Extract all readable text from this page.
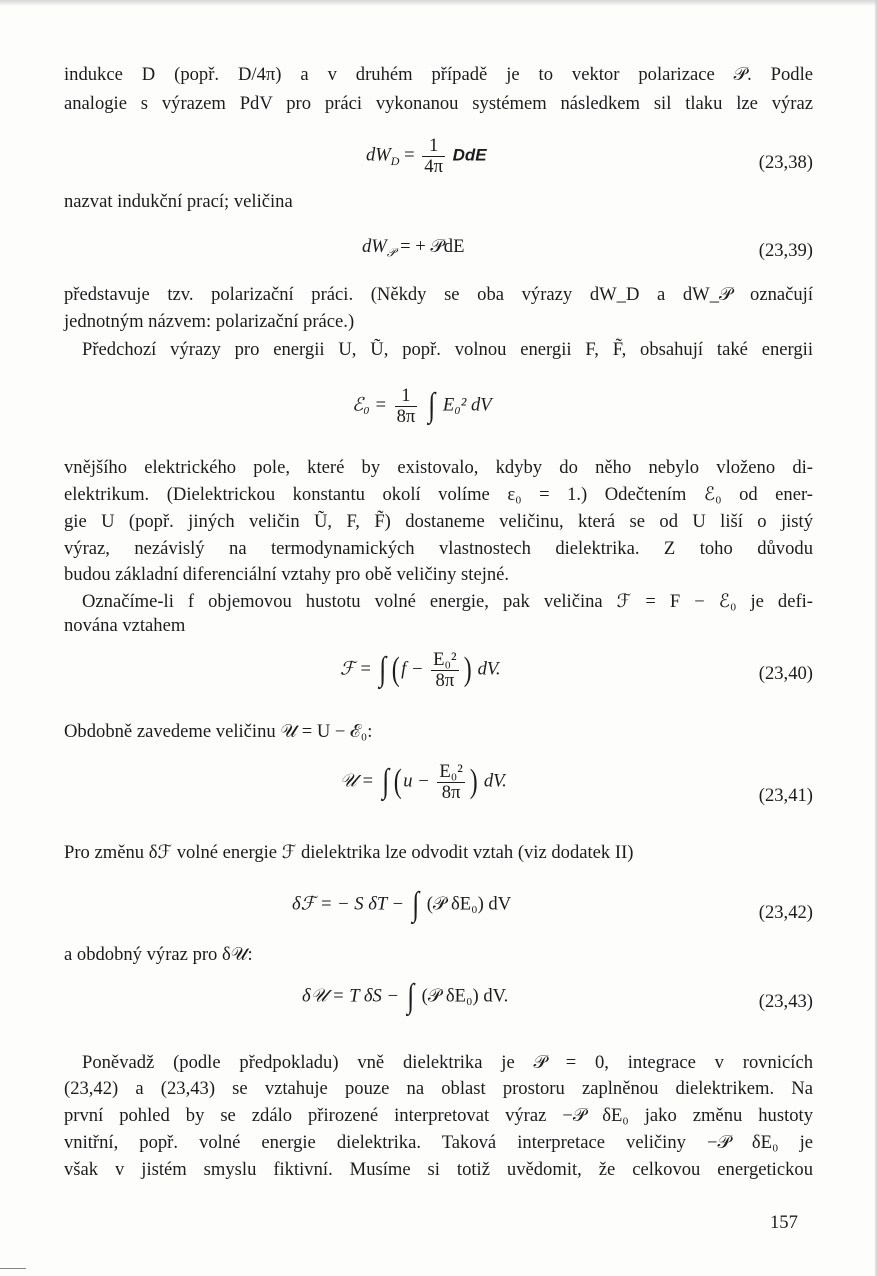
indukce D (popř. D/4π) a v druhém případě je to vektor polarizace 𝒫. Podle
analogie s výrazem PdV pro práci vykonanou systémem následkem sil tlaku lze výraz
$dW_D = \frac{1}{4\pi}$ DdE	(23,38)
nazvat indukční prací; veličina
$dW_𝒫$ = + 𝒫dE	(23,39)
představuje tzv. polarizační práci. (Někdy se oba výrazy dW_D a dW_𝒫 označují
jednotným názvem: polarizační práce.)
Předchozí výrazy pro energii U, Ũ, popř. volnou energii F, F̃, obsahují také energii
ℰ₀ = $\frac{1}{8\pi}$ ∫ E₀² dV
vnějšího elektrického pole, které by existovalo, kdyby do něho nebylo vloženo di-
elektrikum. (Dielektrickou konstantu okolí volíme ε₀ = 1.) Odečtením ℰ₀ od ener-
gie U (popř. jiných veličin Ũ, F, F̃) dostaneme veličinu, která se od U liší o jistý
výraz, nezávislý na termodynamických vlastnostech dielektrika. Z toho důvodu
budou základní diferenciální vztahy pro obě veličiny stejné.
Označíme-li f objemovou hustotu volné energie, pak veličina ℱ = F − ℰ₀ je defi-
nována vztahem
ℱ = ∫ ($f - \frac{\text{E₀²}}{8\pi}$ ) dV.	(23,40)
Obdobně zavedeme veličinu 𝒰 = U − ℰ₀:
𝒰 = ∫ ($u - \frac{\text{E₀²}}{8\pi}$ ) dV.
(23,41)
Pro změnu δℱ volné energie ℱ dielektrika lze odvodit vztah (viz dodatek II)
δℱ = − S δT − ∫ (𝒫 δE₀) dV	(23,42)
a obdobný výraz pro δ𝒰:
δ𝒰 = T δS − ∫ (𝒫 δE₀) dV.	(23,43)
Poněvadž (podle předpokladu) vně dielektrika je 𝒫 = 0, integrace v rovnicích
(23,42) a (23,43) se vztahuje pouze na oblast prostoru zaplněnou dielektrikem. Na
první pohled by se zdálo přirozené interpretovat výraz −𝒫 δE₀ jako změnu hustoty
vnitřní, popř. volné energie dielektrika. Taková interpretace veličiny −𝒫 δE₀ je
však v jistém smyslu fiktivní. Musíme si totiž uvědomit, že celkovou energetickou
157
